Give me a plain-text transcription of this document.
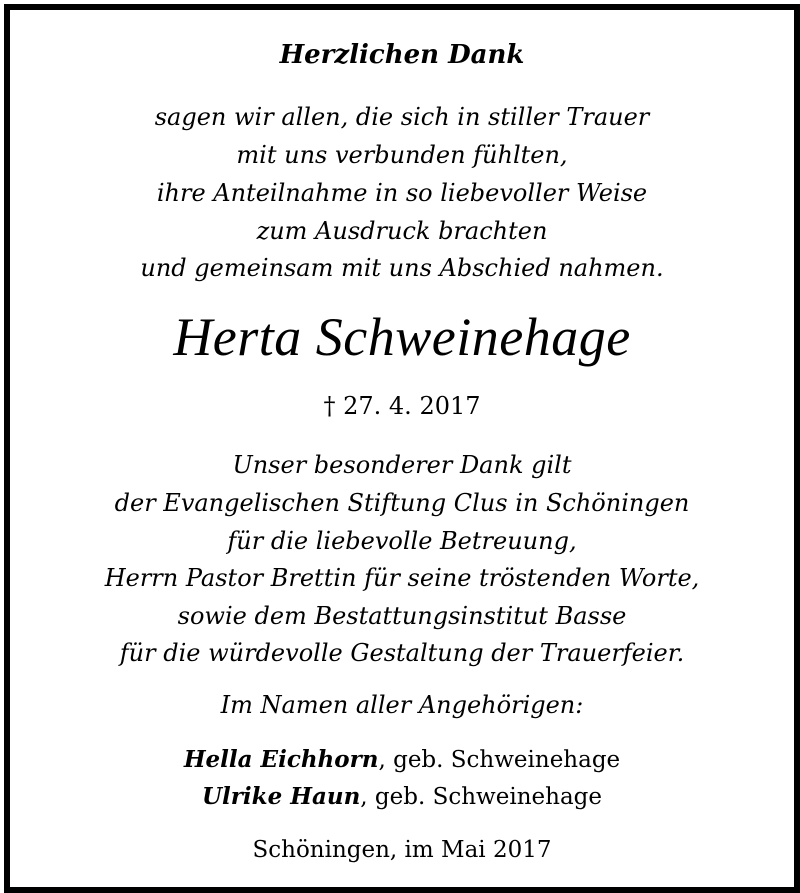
Herzlichen Dank
sagen wir allen, die sich in stiller Trauer
mit uns verbunden fühlten,
ihre Anteilnahme in so liebevoller Weise
zum Ausdruck brachten
und gemeinsam mit uns Abschied nahmen.
Herta Schweinehage
† 27. 4. 2017
Unser besonderer Dank gilt
der Evangelischen Stiftung Clus in Schöningen
für die liebevolle Betreuung,
Herrn Pastor Brettin für seine tröstenden Worte,
sowie dem Bestattungsinstitut Basse
für die würdevolle Gestaltung der Trauerfeier.
Im Namen aller Angehörigen:
Hella Eichhorn, geb. Schweinehage
Ulrike Haun, geb. Schweinehage
Schöningen, im Mai 2017
